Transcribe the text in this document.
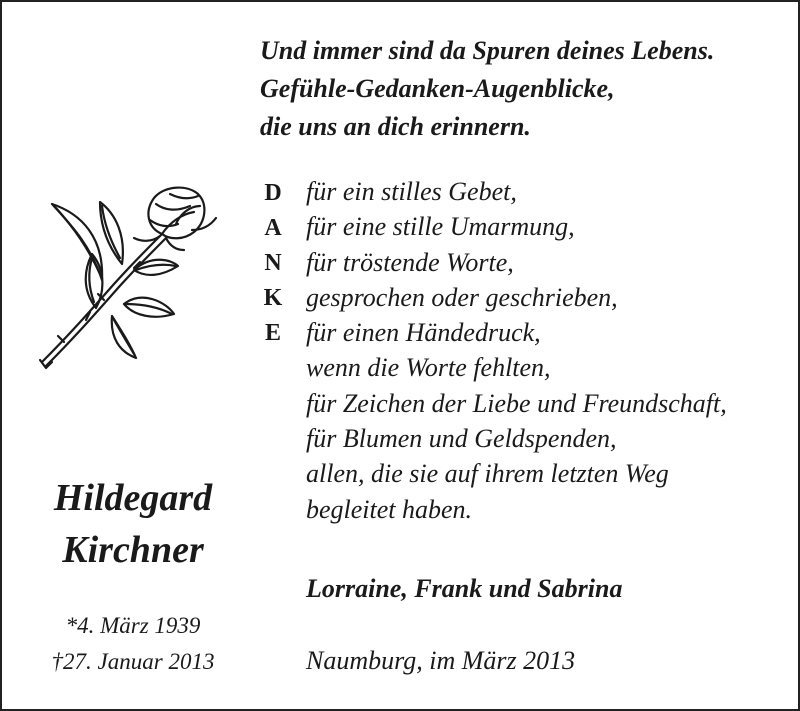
Und immer sind da Spuren deines Lebens.
Gefühle-Gedanken-Augenblicke,
die uns an dich erinnern.
D
A
N
K
E
für ein stilles Gebet,
für eine stille Umarmung,
für tröstende Worte,
gesprochen oder geschrieben,
für einen Händedruck,
wenn die Worte fehlten,
für Zeichen der Liebe und Freundschaft,
für Blumen und Geldspenden,
allen, die sie auf ihrem letzten Weg
begleitet haben.
Lorraine, Frank und Sabrina
Naumburg, im März 2013
Hildegard
Kirchner
*4. März 1939
†27. Januar 2013
